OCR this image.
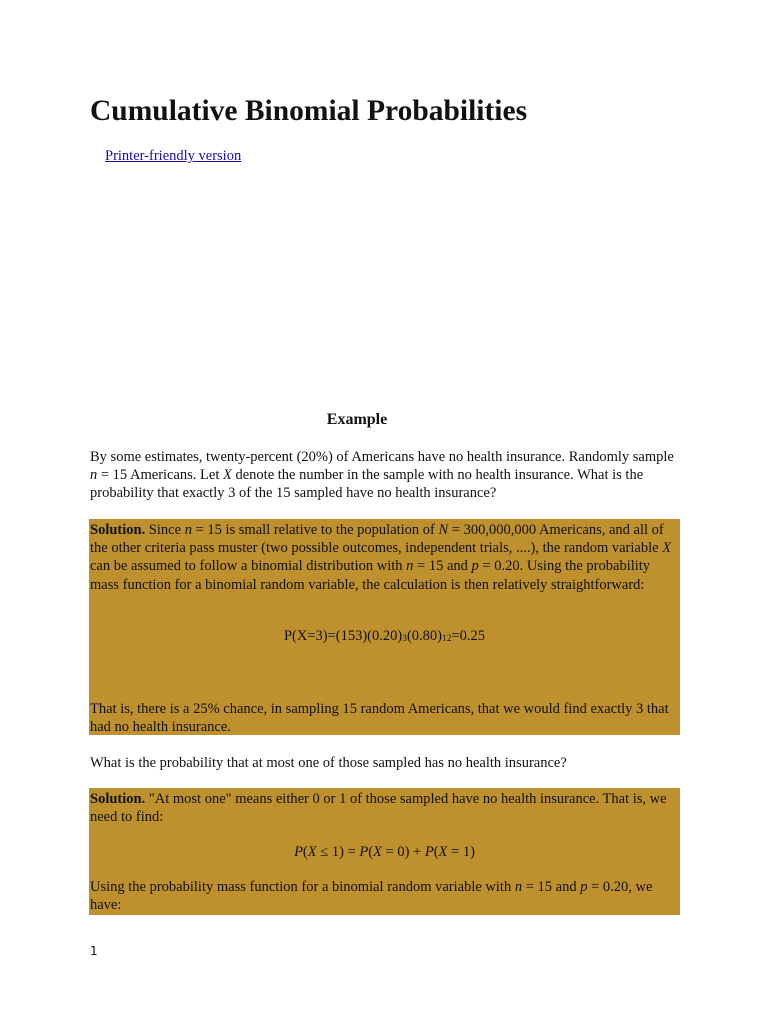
Cumulative Binomial Probabilities
Printer-friendly version
Example

By some estimates, twenty-percent (20%) of Americans have no health insurance. Randomly sample n = 15 Americans. Let X denote the number in the sample with no health insurance. What is the probability that exactly 3 of the 15 sampled have no health insurance?

Solution. Since n = 15 is small relative to the population of N = 300,000,000 Americans, and all of the other criteria pass muster (two possible outcomes, independent trials, ....), the random variable X can be assumed to follow a binomial distribution with n = 15 and p = 0.20. Using the probability mass function for a binomial random variable, the calculation is then relatively straightforward:

$P(X=3)=(153)(0.20)_3(0.80)_{12}=0.25$

That is, there is a 25% chance, in sampling 15 random Americans, that we would find exactly 3 that had no health insurance.

What is the probability that at most one of those sampled has no health insurance?

Solution. "At most one" means either 0 or 1 of those sampled have no health insurance. That is, we need to find:

P(X ≤ 1) = P(X = 0) + P(X = 1)

Using the probability mass function for a binomial random variable with n = 15 and p = 0.20, we have:

1
